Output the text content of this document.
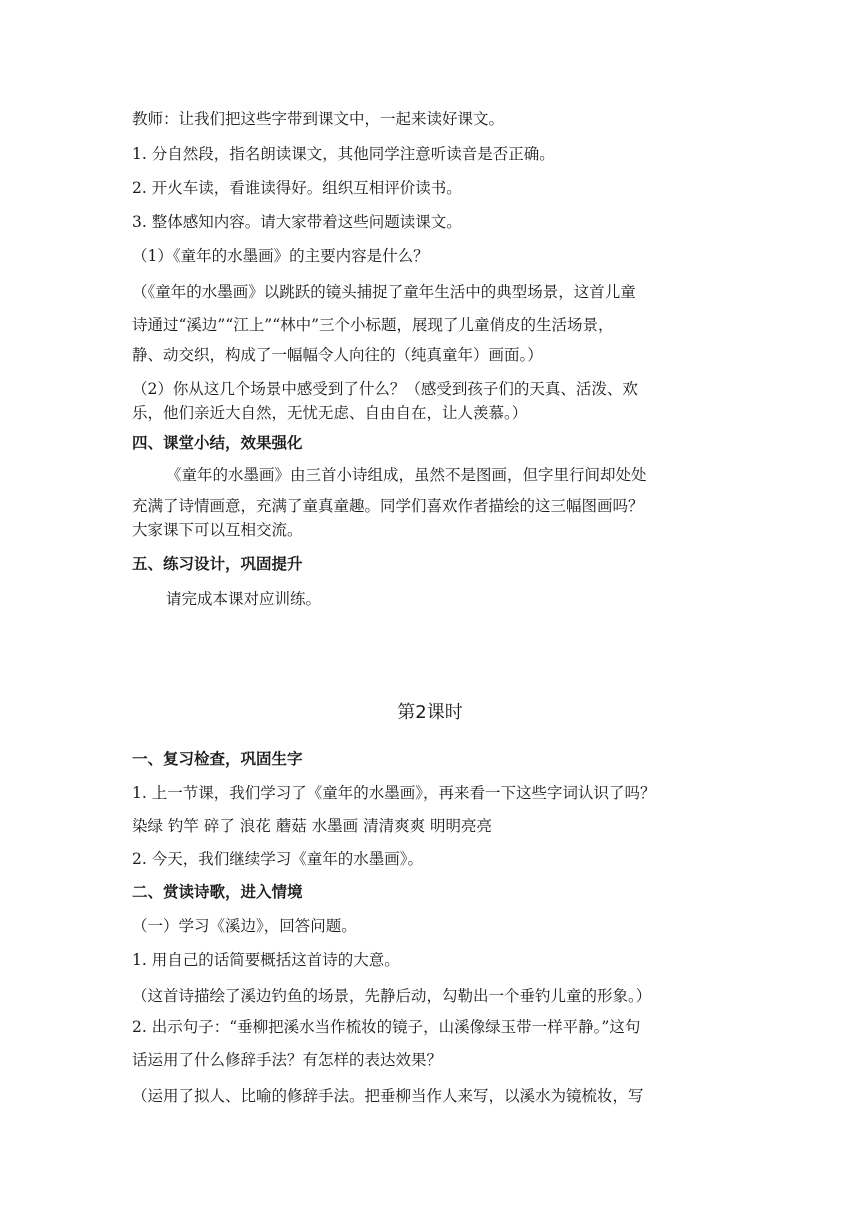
教师：让我们把这些字带到课文中，一起来读好课文。
1. 分自然段，指名朗读课文，其他同学注意听读音是否正确。
2. 开火车读，看谁读得好。组织互相评价读书。
3. 整体感知内容。请大家带着这些问题读课文。
（1）《童年的水墨画》的主要内容是什么？
（《童年的水墨画》以跳跃的镜头捕捉了童年生活中的典型场景，这首儿童
诗通过“溪边”“江上”“林中”三个小标题，展现了儿童俏皮的生活场景，
静、动交织，构成了一幅幅令人向往的（纯真童年）画面。）
（2）你从这几个场景中感受到了什么？（感受到孩子们的天真、活泼、欢
乐，他们亲近大自然，无忧无虑、自由自在，让人羡慕。）
四、课堂小结，效果强化
《童年的水墨画》由三首小诗组成，虽然不是图画，但字里行间却处处
充满了诗情画意，充满了童真童趣。同学们喜欢作者描绘的这三幅图画吗？
大家课下可以互相交流。
五、练习设计，巩固提升
请完成本课对应训练。
第2课时
一、复习检查，巩固生字
1. 上一节课，我们学习了《童年的水墨画》，再来看一下这些字词认识了吗？
染绿 钓竿 碎了 浪花 蘑菇 水墨画 清清爽爽 明明亮亮
2. 今天，我们继续学习《童年的水墨画》。
二、赏读诗歌，进入情境
（一）学习《溪边》，回答问题。
1. 用自己的话简要概括这首诗的大意。
（这首诗描绘了溪边钓鱼的场景，先静后动，勾勒出一个垂钓儿童的形象。）
2. 出示句子：“垂柳把溪水当作梳妆的镜子，山溪像绿玉带一样平静。”这句
话运用了什么修辞手法？有怎样的表达效果？
（运用了拟人、比喻的修辞手法。把垂柳当作人来写，以溪水为镜梳妆，写
